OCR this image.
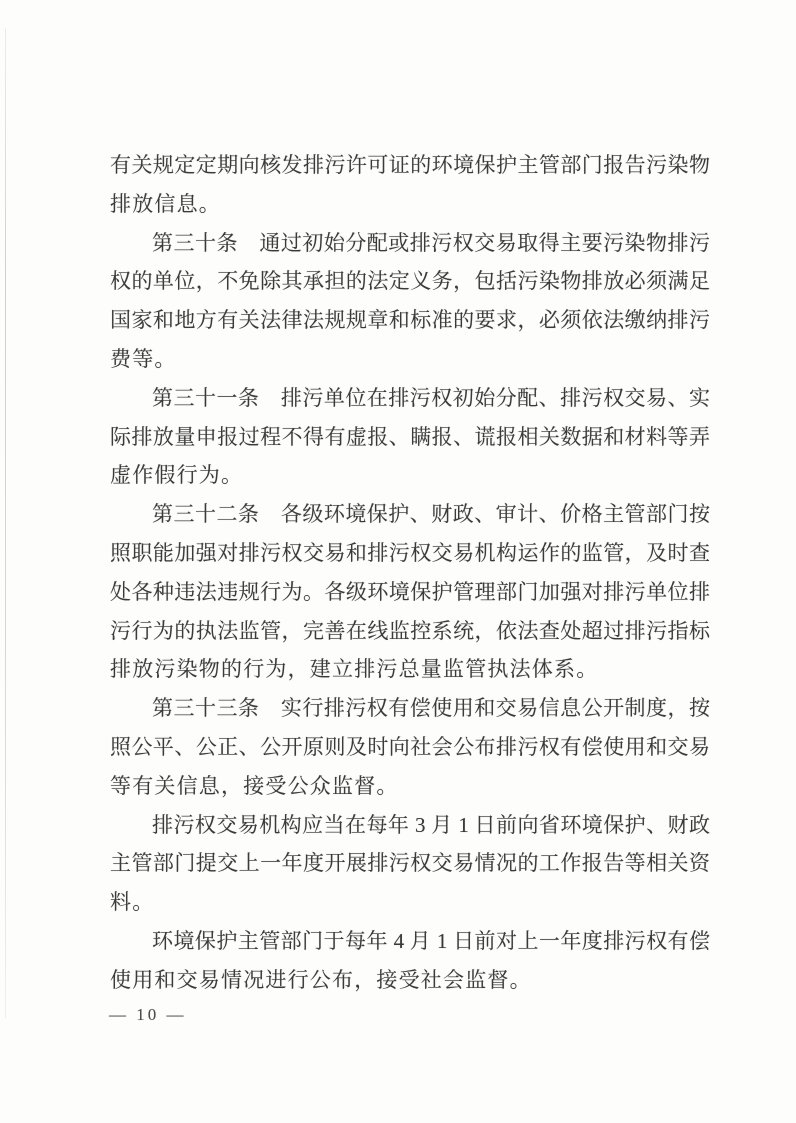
有关规定定期向核发排污许可证的环境保护主管部门报告污染物
排放信息。
第三十条　通过初始分配或排污权交易取得主要污染物排污
权的单位，不免除其承担的法定义务，包括污染物排放必须满足
国家和地方有关法律法规规章和标准的要求，必须依法缴纳排污
费等。
第三十一条　排污单位在排污权初始分配、排污权交易、实
际排放量申报过程不得有虚报、瞒报、谎报相关数据和材料等弄
虚作假行为。
第三十二条　各级环境保护、财政、审计、价格主管部门按
照职能加强对排污权交易和排污权交易机构运作的监管，及时查
处各种违法违规行为。各级环境保护管理部门加强对排污单位排
污行为的执法监管，完善在线监控系统，依法查处超过排污指标
排放污染物的行为，建立排污总量监管执法体系。
第三十三条　实行排污权有偿使用和交易信息公开制度，按
照公平、公正、公开原则及时向社会公布排污权有偿使用和交易
等有关信息，接受公众监督。
排污权交易机构应当在每年 3 月 1 日前向省环境保护、财政
主管部门提交上一年度开展排污权交易情况的工作报告等相关资
料。
环境保护主管部门于每年 4 月 1 日前对上一年度排污权有偿
使用和交易情况进行公布，接受社会监督。
— 10 —
